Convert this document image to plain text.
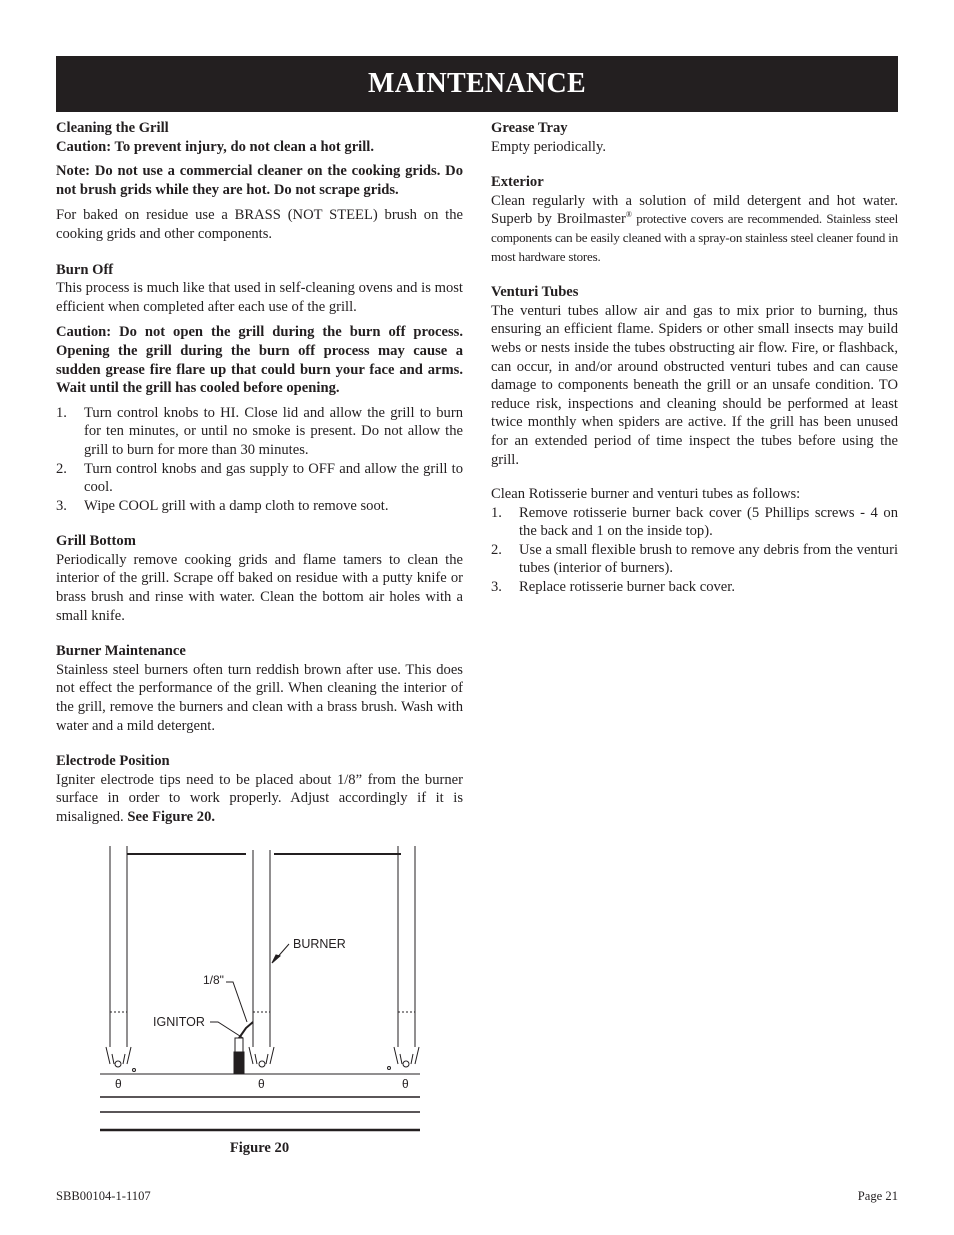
MAINTENANCE

Cleaning the Grill

Caution: To prevent injury, do not clean a hot grill.

Note: Do not use a commercial cleaner on the cooking grids. Do not brush grids while they are hot. Do not scrape grids.

For baked on residue use a BRASS (NOT STEEL) brush on the cooking grids and other components.

Burn Off

This process is much like that used in self-cleaning ovens and is most efficient when completed after each use of the grill.

Caution: Do not open the grill during the burn off process. Opening the grill during the burn off process may cause a sudden grease fire flare up that could burn your face and arms. Wait until the grill has cooled before opening.

1. Turn control knobs to HI. Close lid and allow the grill to burn for ten minutes, or until no smoke is present. Do not allow the grill to burn for more than 30 minutes.
2. Turn control knobs and gas supply to OFF and allow the grill to cool.
3. Wipe COOL grill with a damp cloth to remove soot.

Grill Bottom

Periodically remove cooking grids and flame tamers to clean the interior of the grill. Scrape off baked on residue with a putty knife or brass brush and rinse with water. Clean the bottom air holes with a small knife.

Burner Maintenance

Stainless steel burners often turn reddish brown after use. This does not effect the performance of the grill. When cleaning the interior of the grill, remove the burners and clean with a brass brush. Wash with water and a mild detergent.

Electrode Position

Igniter electrode tips need to be placed about 1/8” from the burner surface in order to work properly. Adjust accordingly if it is misaligned. See Figure 20.

Grease Tray

Empty periodically.

Exterior

Clean regularly with a solution of mild detergent and hot water. Superb by Broilmaster® protective covers are recommended. Stainless steel components can be easily cleaned with a spray-on stainless steel cleaner found in most hardware stores.

Venturi Tubes

The venturi tubes allow air and gas to mix prior to burning, thus ensuring an efficient flame. Spiders or other small insects may build webs or nests inside the tubes obstructing air flow. Fire, or flashback, can occur, in and/or around obstructed venturi tubes and can cause damage to components beneath the grill or an unsafe condition. TO reduce risk, inspections and cleaning should be performed at least twice monthly when spiders are active. If the grill has been unused for an extended period of time inspect the tubes before using the grill.

Clean Rotisserie burner and venturi tubes as follows:

1. Remove rotisserie burner back cover (5 Phillips screws - 4 on the back and 1 on the inside top).
2. Use a small flexible brush to remove any debris from the venturi tubes (interior of burners).
3. Replace rotisserie burner back cover.
θ	θ	θ
BURNER
1/8"
IGNITOR
Figure 20
SBB00104-1-1107	Page 21
